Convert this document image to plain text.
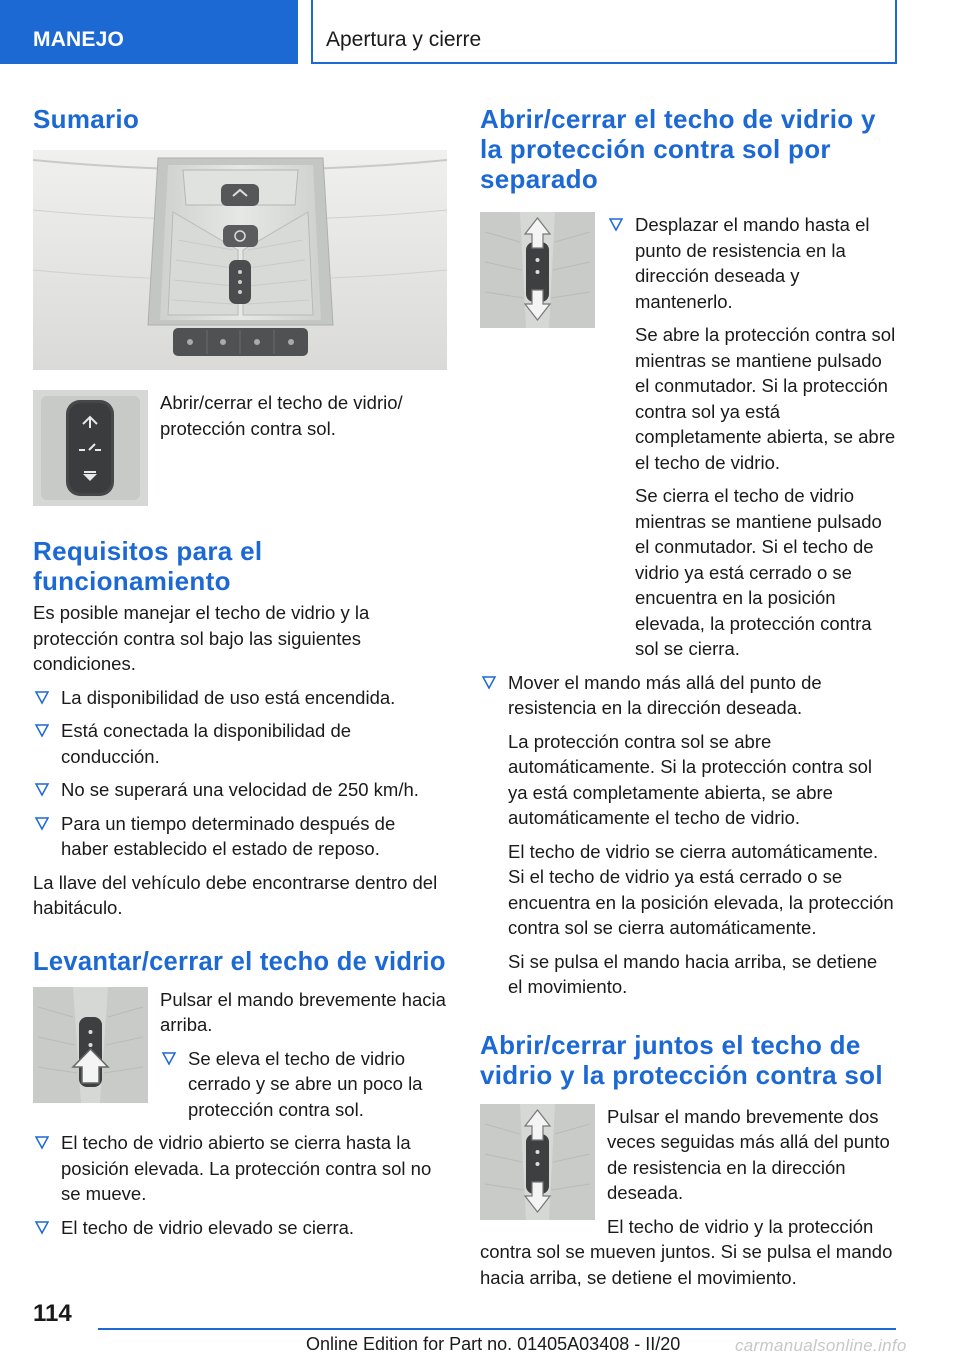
MANEJO	Apertura y cierre
Sumario

Abrir/cerrar el techo de vidrio/ protección contra sol.

Requisitos para el funcionamiento

Es posible manejar el techo de vidrio y la protección contra sol bajo las siguientes condiciones.

La disponibilidad de uso está encendida.
Está conectada la disponibilidad de conducción.
No se superará una velocidad de 250 km/h.
Para un tiempo determinado después de haber establecido el estado de reposo.

La llave del vehículo debe encontrarse dentro del habitáculo.

Levantar/cerrar el techo de vidrio

Pulsar el mando brevemente hacia arriba.

Se eleva el techo de vidrio cerrado y se abre un poco la protección contra sol.
El techo de vidrio abierto se cierra hasta la posición elevada. La protección contra sol no se mueve.
El techo de vidrio elevado se cierra.
Abrir/cerrar el techo de vidrio y la protección contra sol por separado

Desplazar el mando hasta el punto de resistencia en la dirección deseada y mantenerlo.

Se abre la protección contra sol mientras se mantiene pulsado el conmutador. Si la protección contra sol ya está completamente abierta, se abre el techo de vidrio.

Se cierra el techo de vidrio mientras se mantiene pulsado el conmutador. Si el techo de vidrio ya está cerrado o se encuentra en la posición elevada, la protección contra sol se cierra.

Mover el mando más allá del punto de resistencia en la dirección deseada.

La protección contra sol se abre automáticamente. Si la protección contra sol ya está completamente abierta, se abre automáticamente el techo de vidrio.

El techo de vidrio se cierra automáticamente. Si el techo de vidrio ya está cerrado o se encuentra en la posición elevada, la protección contra sol se cierra automáticamente.

Si se pulsa el mando hacia arriba, se detiene el movimiento.

Abrir/cerrar juntos el techo de vidrio y la protección contra sol

Pulsar el mando brevemente dos veces seguidas más allá del punto de resistencia en la dirección deseada.

El techo de vidrio y la protección contra sol se mueven juntos. Si se pulsa el mando hacia arriba, se detiene el movimiento.

114
Online Edition for Part no. 01405A03408 - II/20	carmanualsonline.info
